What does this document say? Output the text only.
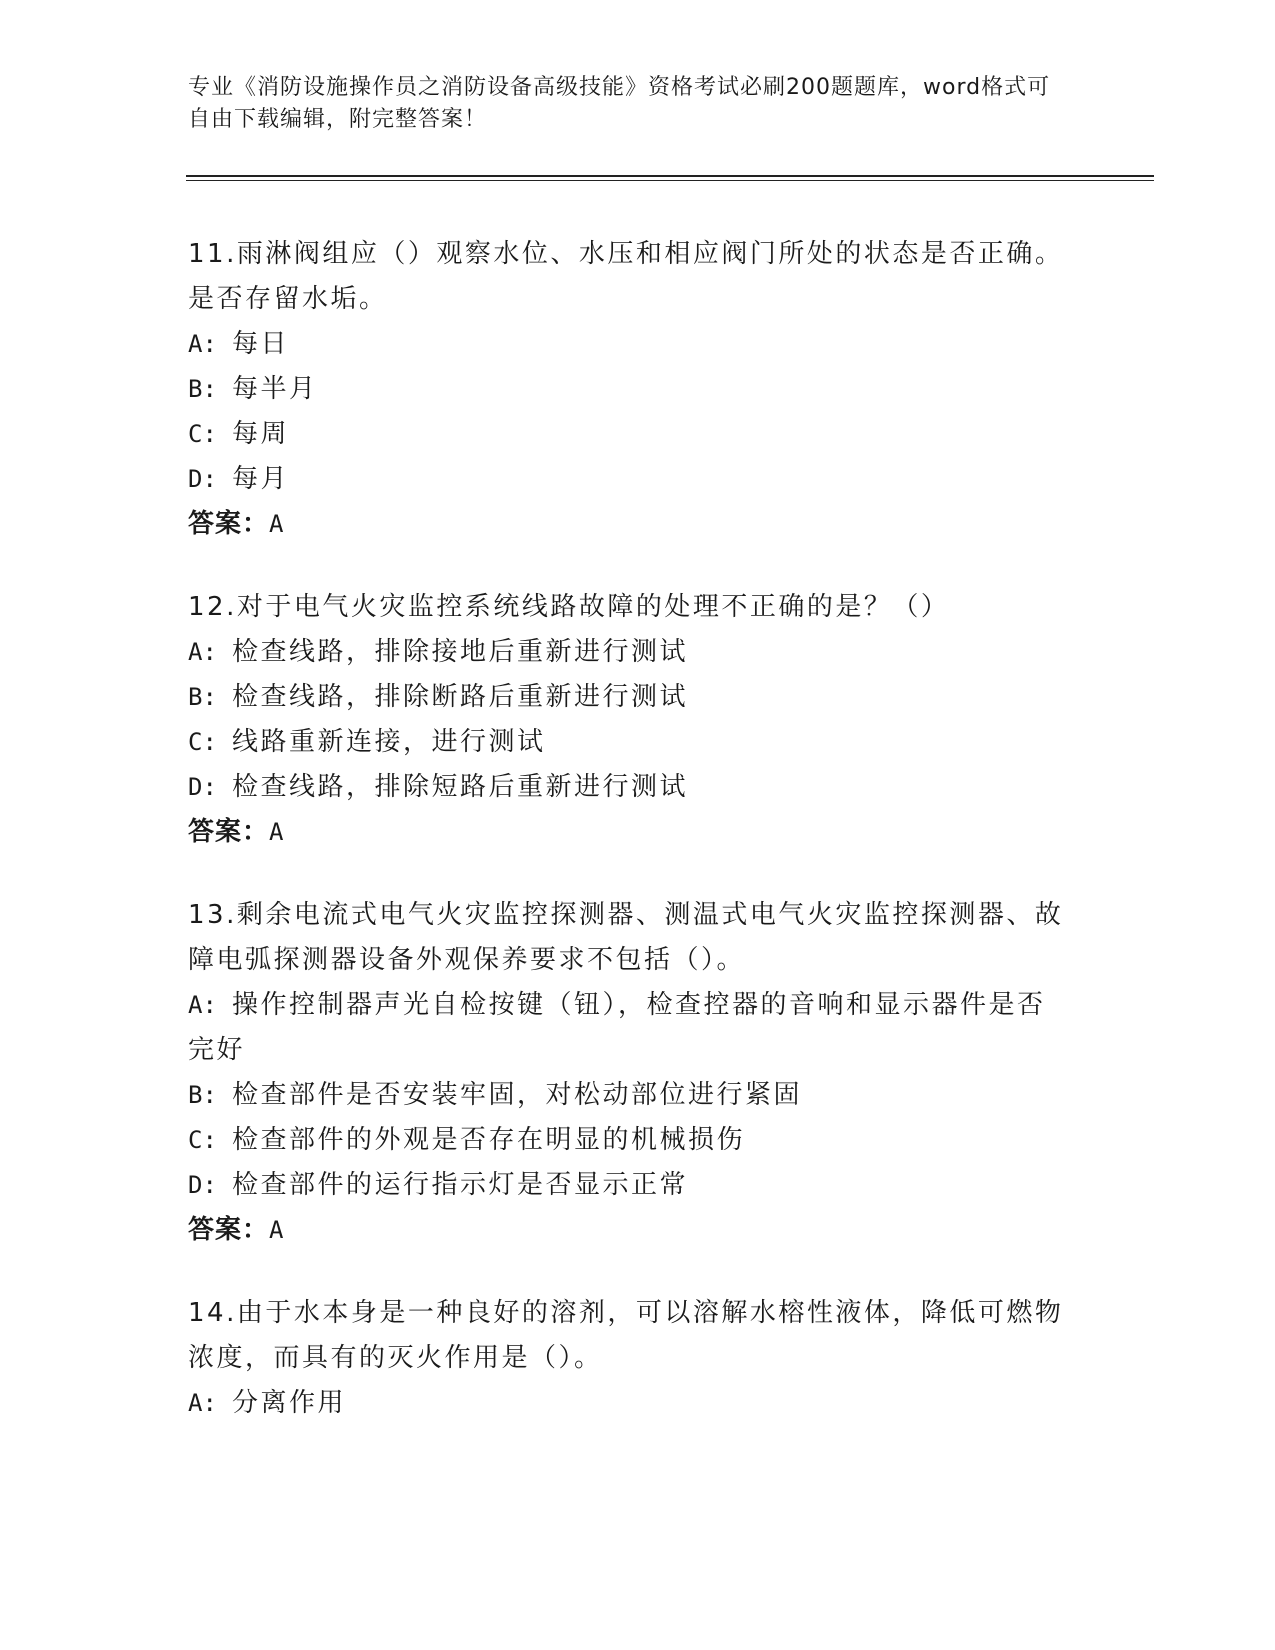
专业《消防设施操作员之消防设备高级技能》资格考试必刷200题题库，word格式可自由下载编辑，附完整答案！
11.雨淋阀组应（）观察水位、水压和相应阀门所处的状态是否正确。是否存留水垢。
A: 每日
B: 每半月
C: 每周
D: 每月
答案：A
12.对于电气火灾监控系统线路故障的处理不正确的是？（）
A: 检查线路，排除接地后重新进行测试
B: 检查线路，排除断路后重新进行测试
C: 线路重新连接，进行测试
D: 检查线路，排除短路后重新进行测试
答案：A
13.剩余电流式电气火灾监控探测器、测温式电气火灾监控探测器、故障电弧探测器设备外观保养要求不包括（）。
A: 操作控制器声光自检按键（钮），检查控器的音响和显示器件是否完好
B: 检查部件是否安装牢固，对松动部位进行紧固
C: 检查部件的外观是否存在明显的机械损伤
D: 检查部件的运行指示灯是否显示正常
答案：A
14.由于水本身是一种良好的溶剂，可以溶解水榕性液体，降低可燃物浓度，而具有的灭火作用是（）。
A: 分离作用
